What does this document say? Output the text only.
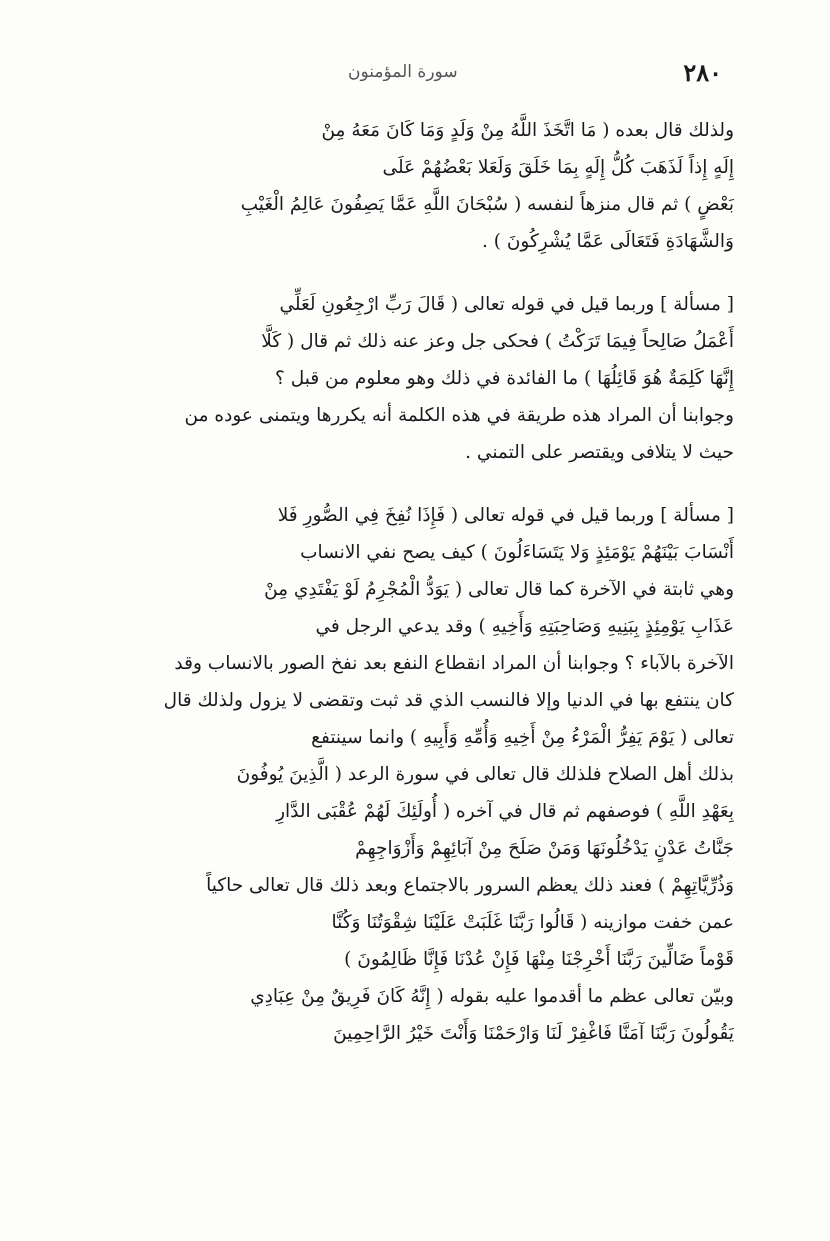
٢٨٠
سورة المؤمنون
ولذلك قال بعده ( مَا اتَّخَذَ اللَّهُ مِنْ وَلَدٍ وَمَا كَانَ مَعَهُ مِنْ
إِلَهٍ إِذاً لَذَهَبَ كُلُّ إِلَهٍ بِمَا خَلَقَ وَلَعَلا بَعْضُهُمْ عَلَى
بَعْضٍ ) ثم قال منزهاً لنفسه ( سُبْحَانَ اللَّهِ عَمَّا يَصِفُونَ عَالِمُ الْغَيْبِ
وَالشَّهَادَةِ فَتَعَالَى عَمَّا يُشْرِكُونَ ) .
[ مسألة ] وربما قيل في قوله تعالى ( قَالَ رَبِّ ارْجِعُونِ لَعَلِّي
أَعْمَلُ صَالِحاً فِيمَا تَرَكْتُ ) فحكى جل وعز عنه ذلك ثم قال ( كَلَّا
إِنَّهَا كَلِمَةٌ هُوَ قَائِلُهَا ) ما الفائدة في ذلك وهو معلوم من قبل ؟
وجوابنا أن المراد هذه طريقة في هذه الكلمة أنه يكررها ويتمنى عوده من
حيث لا يتلافى ويقتصر على التمني .
[ مسألة ] وربما قيل في قوله تعالى ( فَإِذَا نُفِخَ فِي الصُّورِ فَلا
أَنْسَابَ بَيْنَهُمْ يَوْمَئِذٍ وَلا يَتَسَاءَلُونَ ) كيف يصح نفي الانساب
وهي ثابتة في الآخرة كما قال تعالى ( يَوَدُّ الْمُجْرِمُ لَوْ يَفْتَدِي مِنْ
عَذَابِ يَوْمِئِذٍ بِبَنِيهِ وَصَاحِبَتِهِ وَأَخِيهِ ) وقد يدعي الرجل في
الآخرة بالآباء ؟ وجوابنا أن المراد انقطاع النفع بعد نفخ الصور بالانساب وقد
كان ينتفع بها في الدنيا وإلا فالنسب الذي قد ثبت وتقضى لا يزول ولذلك قال
تعالى ( يَوْمَ يَفِرُّ الْمَرْءُ مِنْ أَخِيهِ وَأُمِّهِ وَأَبِيهِ ) وانما سينتفع
بذلك أهل الصلاح فلذلك قال تعالى في سورة الرعد ( الَّذِينَ يُوفُونَ
بِعَهْدِ اللَّهِ ) فوصفهم ثم قال في آخره ( أُولَئِكَ لَهُمْ عُقْبَى الدَّارِ
جَنَّاتُ عَدْنٍ يَدْخُلُونَهَا وَمَنْ صَلَحَ مِنْ آبَائِهِمْ وَأَزْوَاجِهِمْ
وَذُرِّيَّاتِهِمْ ) فعند ذلك يعظم السرور بالاجتماع وبعد ذلك قال تعالى حاكياً
عمن خفت موازينه ( قَالُوا رَبَّنَا غَلَبَتْ عَلَيْنَا شِقْوَتُنَا وَكُنَّا
قَوْماً ضَالِّينَ رَبَّنَا أَخْرِجْنَا مِنْهَا فَإِنْ عُدْنَا فَإِنَّا ظَالِمُونَ )
وبيّن تعالى عظم ما أقدموا عليه بقوله ( إِنَّهُ كَانَ فَرِيقٌ مِنْ عِبَادِي
يَقُولُونَ رَبَّنَا آمَنَّا فَاغْفِرْ لَنَا وَارْحَمْنَا وَأَنْتَ خَيْرُ الرَّاحِمِينَ
